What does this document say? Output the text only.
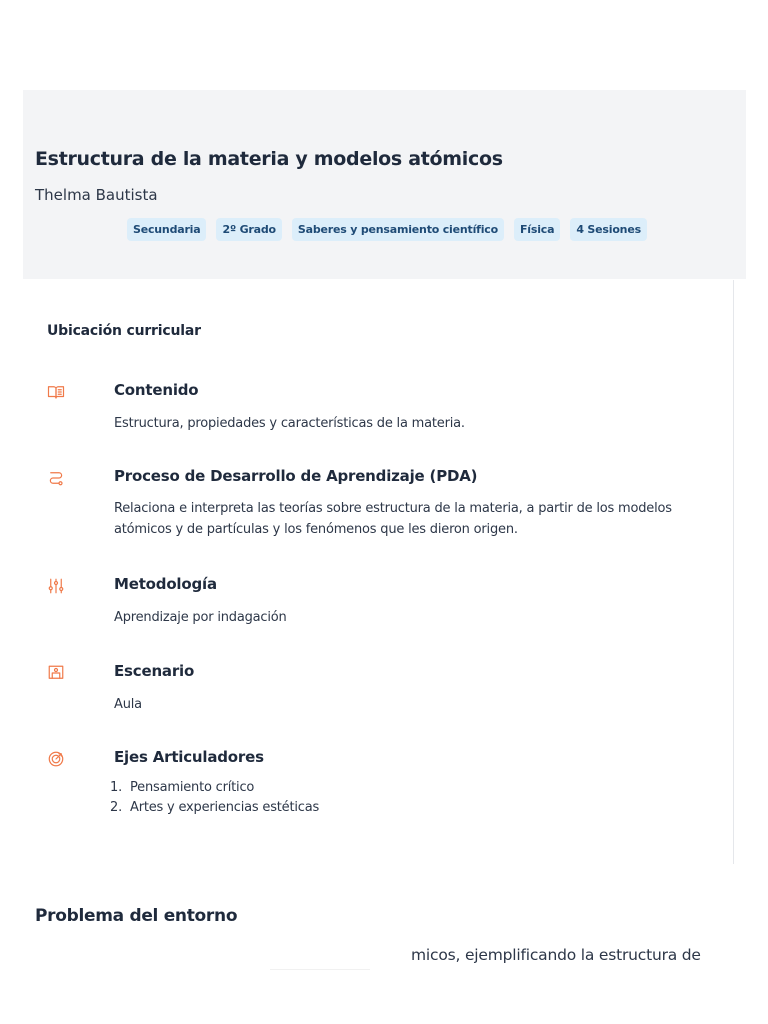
Estructura de la materia y modelos atómicos
Thelma Bautista
Secundaria	2º Grado	Saberes y pensamiento científico	Física	4 Sesiones
Ubicación curricular
Contenido
Estructura, propiedades y características de la materia.
Proceso de Desarrollo de Aprendizaje (PDA)
Relaciona e interpreta las teorías sobre estructura de la materia, a partir de los modelos atómicos y de partículas y los fenómenos que les dieron origen.
Metodología
Aprendizaje por indagación
Escenario
Aula
Ejes Articuladores
1. Pensamiento crítico
2. Artes y experiencias estéticas
Problema del entorno
micos, ejemplificando la estructura de
